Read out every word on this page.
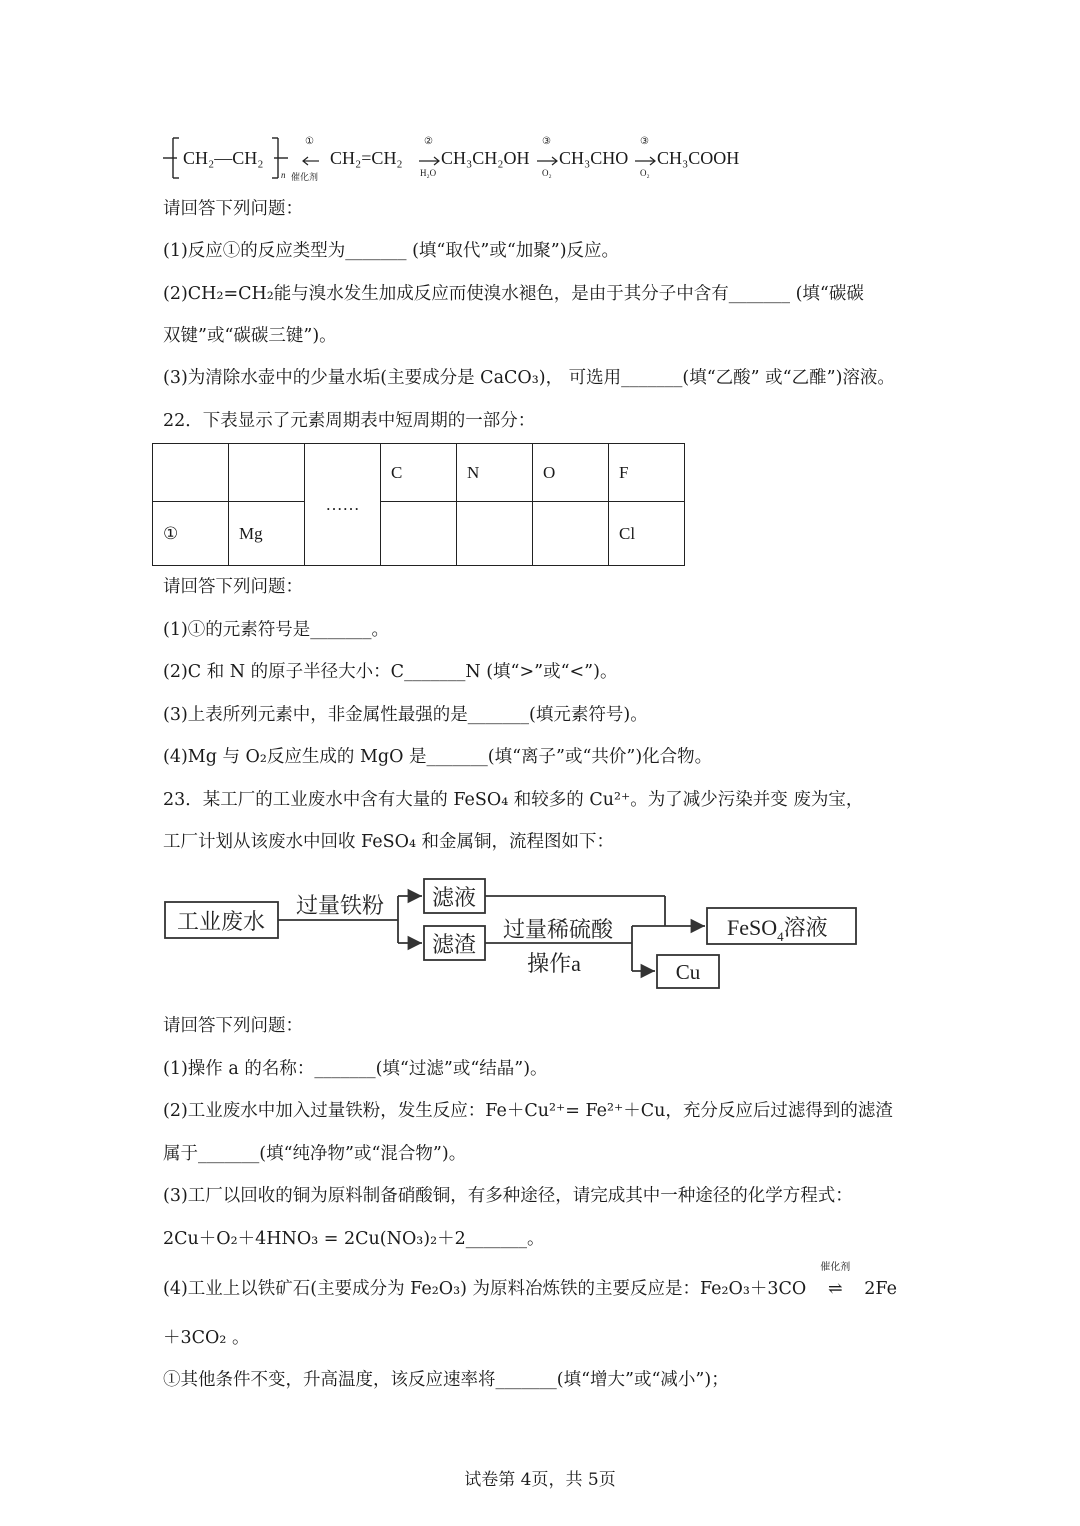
CH₂—CH₂
n
①
催化剂
CH₂=CH₂
②
H₂O
CH₃CH₂OH
③
O₂
CH₃CHO
③
O₂
CH₃COOH

请回答下列问题：

(1)反应①的反应类型为_______ (填“取代”或“加聚”)反应。

(2)CH₂=CH₂能与溴水发生加成反应而使溴水褪色，是由于其分子中含有_______ (填“碳碳

双键”或“碳碳三键”)。

(3)为清除水壶中的少量水垢(主要成分是 CaCO₃)， 可选用_______(填“乙酸” 或“乙醀”)溶液。

22．下表显示了元素周期表中短周期的一部分：

		……	C	N	O	F
①	Mg					Cl

请回答下列问题：

(1)①的元素符号是_______。

(2)C 和 N 的原子半径大小：C_______N (填“>”或“<”)。

(3)上表所列元素中，非金属性最强的是_______(填元素符号)。

(4)Mg 与 O₂反应生成的 MgO 是_______(填“离子”或“共价”)化合物。

23．某工厂的工业废水中含有大量的 FeSO₄ 和较多的 Cu²⁺。为了减少污染并变 废为宝，

工厂计划从该废水中回收 FeSO₄ 和金属铜，流程图如下：

工业废水
过量铁粉 滤液
滤渣
过量稀硫酸
操作a
FeSO$_4$溶液
Cu

请回答下列问题：

(1)操作 a 的名称：_______(填“过滤”或“结晶”)。

(2)工业废水中加入过量铁粉，发生反应：Fe＋Cu²⁺= Fe²⁺＋Cu，充分反应后过滤得到的滤渣

属于_______(填“纯净物”或“混合物”)。

(3)工厂以回收的铜为原料制备硝酸铜，有多种途径，请完成其中一种途径的化学方程式：

2Cu＋O₂＋4HNO₃ = 2Cu(NO₃)₂＋2_______。

(4)工业上以铁矿石(主要成分为 Fe₂O₃) 为原料冶炼铁的主要反应是：Fe₂O₃＋3CO
催化剂
⇌ 2Fe

＋3CO₂ 。

①其他条件不变，升高温度，该反应速率将_______(填“增大”或“减小”)；

试卷第 4页，共 5页
